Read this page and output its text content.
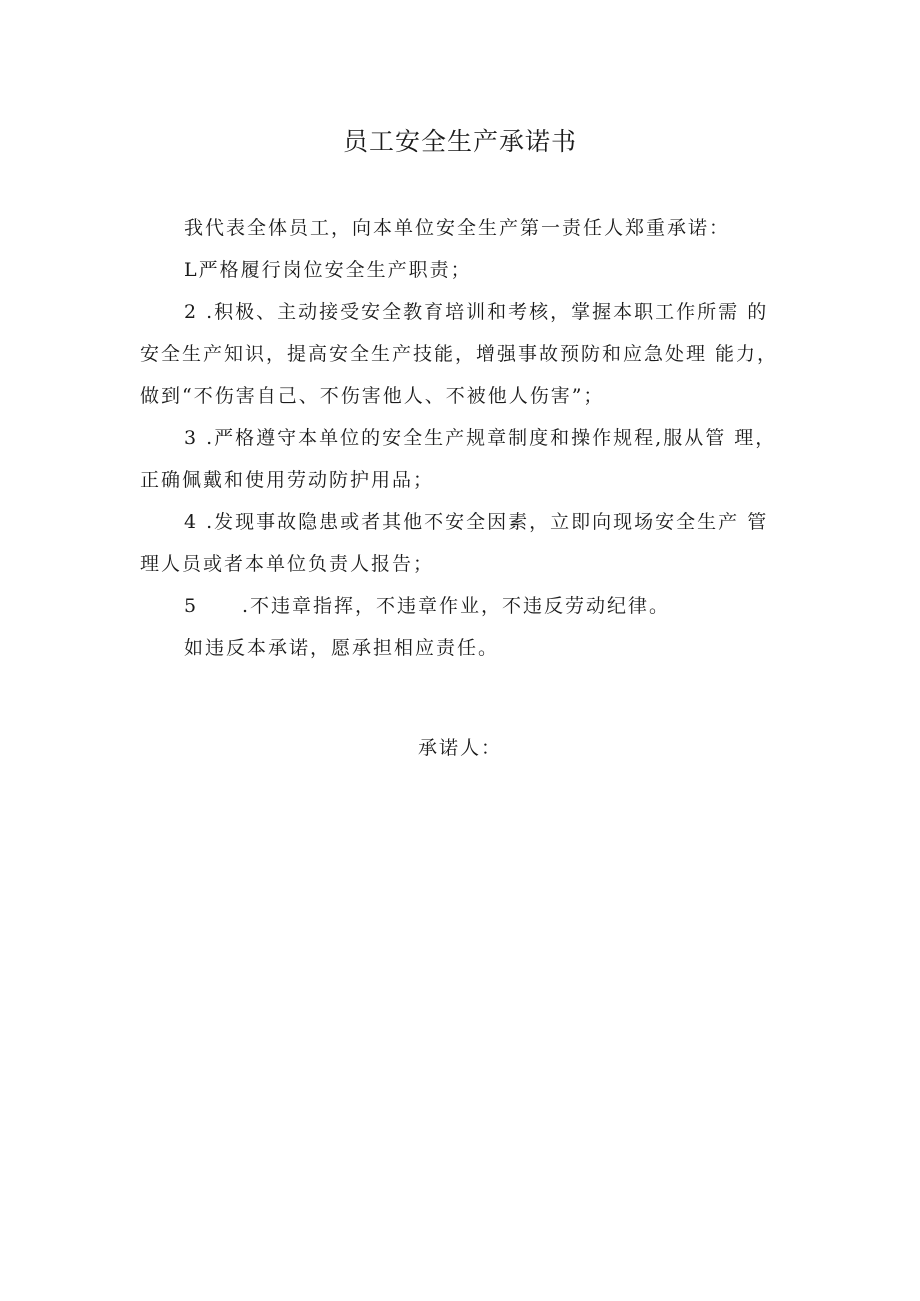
员工安全生产承诺书
我代表全体员工，向本单位安全生产第一责任人郑重承诺：
L严格履行岗位安全生产职责；
2 .积极、主动接受安全教育培训和考核，掌握本职工作所需 的
安全生产知识，提高安全生产技能，增强事故预防和应急处理 能力，
做到“不伤害自己、不伤害他人、不被他人伤害”；
3 .严格遵守本单位的安全生产规章制度和操作规程,服从管 理，
正确佩戴和使用劳动防护用品；
4 .发现事故隐患或者其他不安全因素，立即向现场安全生产 管
理人员或者本单位负责人报告；
5 .不违章指挥，不违章作业，不违反劳动纪律。
如违反本承诺，愿承担相应责任。
承诺人：
